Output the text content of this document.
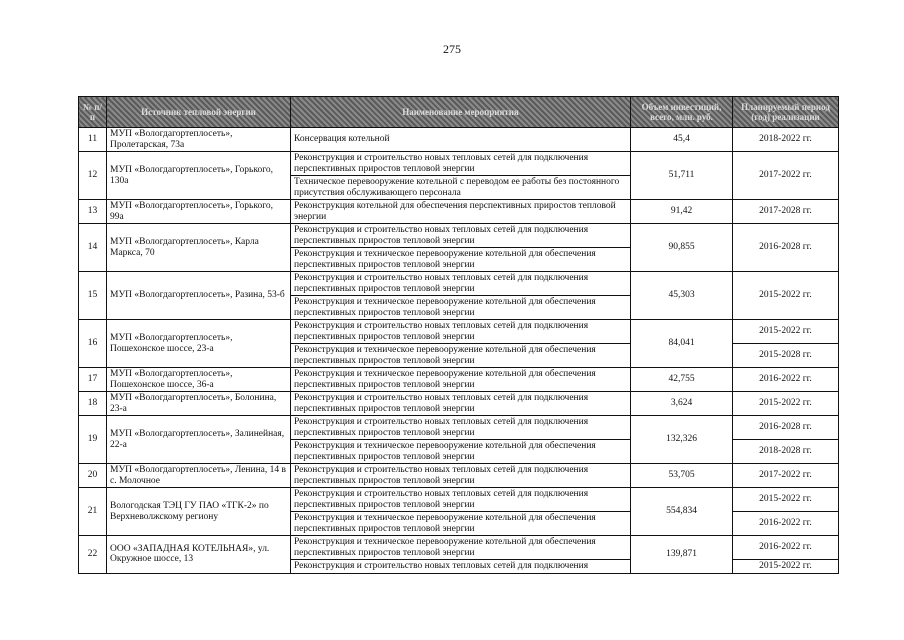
275
№ п/п	Источник тепловой энергии	Наименование мероприятия	Объем инвестиций, всего, млн. руб.	Планируемый период (год) реализации
11	МУП «Вологдагортеплосеть», Пролетарская, 73а	Консервация котельной	45,4	2018-2022 гг.
12	МУП «Вологдагортеплосеть», Горького, 130а	Реконструкция и строительство новых тепловых сетей для подключения перспективных приростов тепловой энергии	51,711	2017-2022 гг.
		Техническое перевооружение котельной с переводом ее работы без постоянного присутствия обслуживающего персонала		
13	МУП «Вологдагортеплосеть», Горького, 99а	Реконструкция котельной для обеспечения перспективных приростов тепловой энергии	91,42	2017-2028 гг.
14	МУП «Вологдагортеплосеть», Карла Маркса, 70	Реконструкция и строительство новых тепловых сетей для подключения перспективных приростов тепловой энергии	90,855	2016-2028 гг.
		Реконструкция и техническое перевооружение котельной для обеспечения перспективных приростов тепловой энергии		
15	МУП «Вологдагортеплосеть», Разина, 53-б	Реконструкция и строительство новых тепловых сетей для подключения перспективных приростов тепловой энергии	45,303	2015-2022 гг.
		Реконструкция и техническое перевооружение котельной для обеспечения перспективных приростов тепловой энергии		
16	МУП «Вологдагортеплосеть», Пошехонское шоссе, 23-а	Реконструкция и строительство новых тепловых сетей для подключения перспективных приростов тепловой энергии	84,041	2015-2022 гг.
		Реконструкция и техническое перевооружение котельной для обеспечения перспективных приростов тепловой энергии		2015-2028 гг.
17	МУП «Вологдагортеплосеть», Пошехонское шоссе, 36-а	Реконструкция и техническое перевооружение котельной для обеспечения перспективных приростов тепловой энергии	42,755	2016-2022 гг.
18	МУП «Вологдагортеплосеть», Болонина, 23-а	Реконструкция и строительство новых тепловых сетей для подключения перспективных приростов тепловой энергии	3,624	2015-2022 гг.
19	МУП «Вологдагортеплосеть», Залинейная, 22-а	Реконструкция и строительство новых тепловых сетей для подключения перспективных приростов тепловой энергии	132,326	2016-2028 гг.
		Реконструкция и техническое перевооружение котельной для обеспечения перспективных приростов тепловой энергии		2018-2028 гг.
20	МУП «Вологдагортеплосеть», Ленина, 14 в с. Молочное	Реконструкция и строительство новых тепловых сетей для подключения перспективных приростов тепловой энергии	53,705	2017-2022 гг.
21	Вологодская ТЭЦ ГУ ПАО «ТГК-2» по Верхневолжскому региону	Реконструкция и строительство новых тепловых сетей для подключения перспективных приростов тепловой энергии	554,834	2015-2022 гг.
		Реконструкция и техническое перевооружение котельной для обеспечения перспективных приростов тепловой энергии		2016-2022 гг.
22	ООО «ЗАПАДНАЯ КОТЕЛЬНАЯ», ул. Окружное шоссе, 13	Реконструкция и техническое перевооружение котельной для обеспечения перспективных приростов тепловой энергии	139,871	2016-2022 гг.
		Реконструкция и строительство новых тепловых сетей для подключения		2015-2022 гг.
